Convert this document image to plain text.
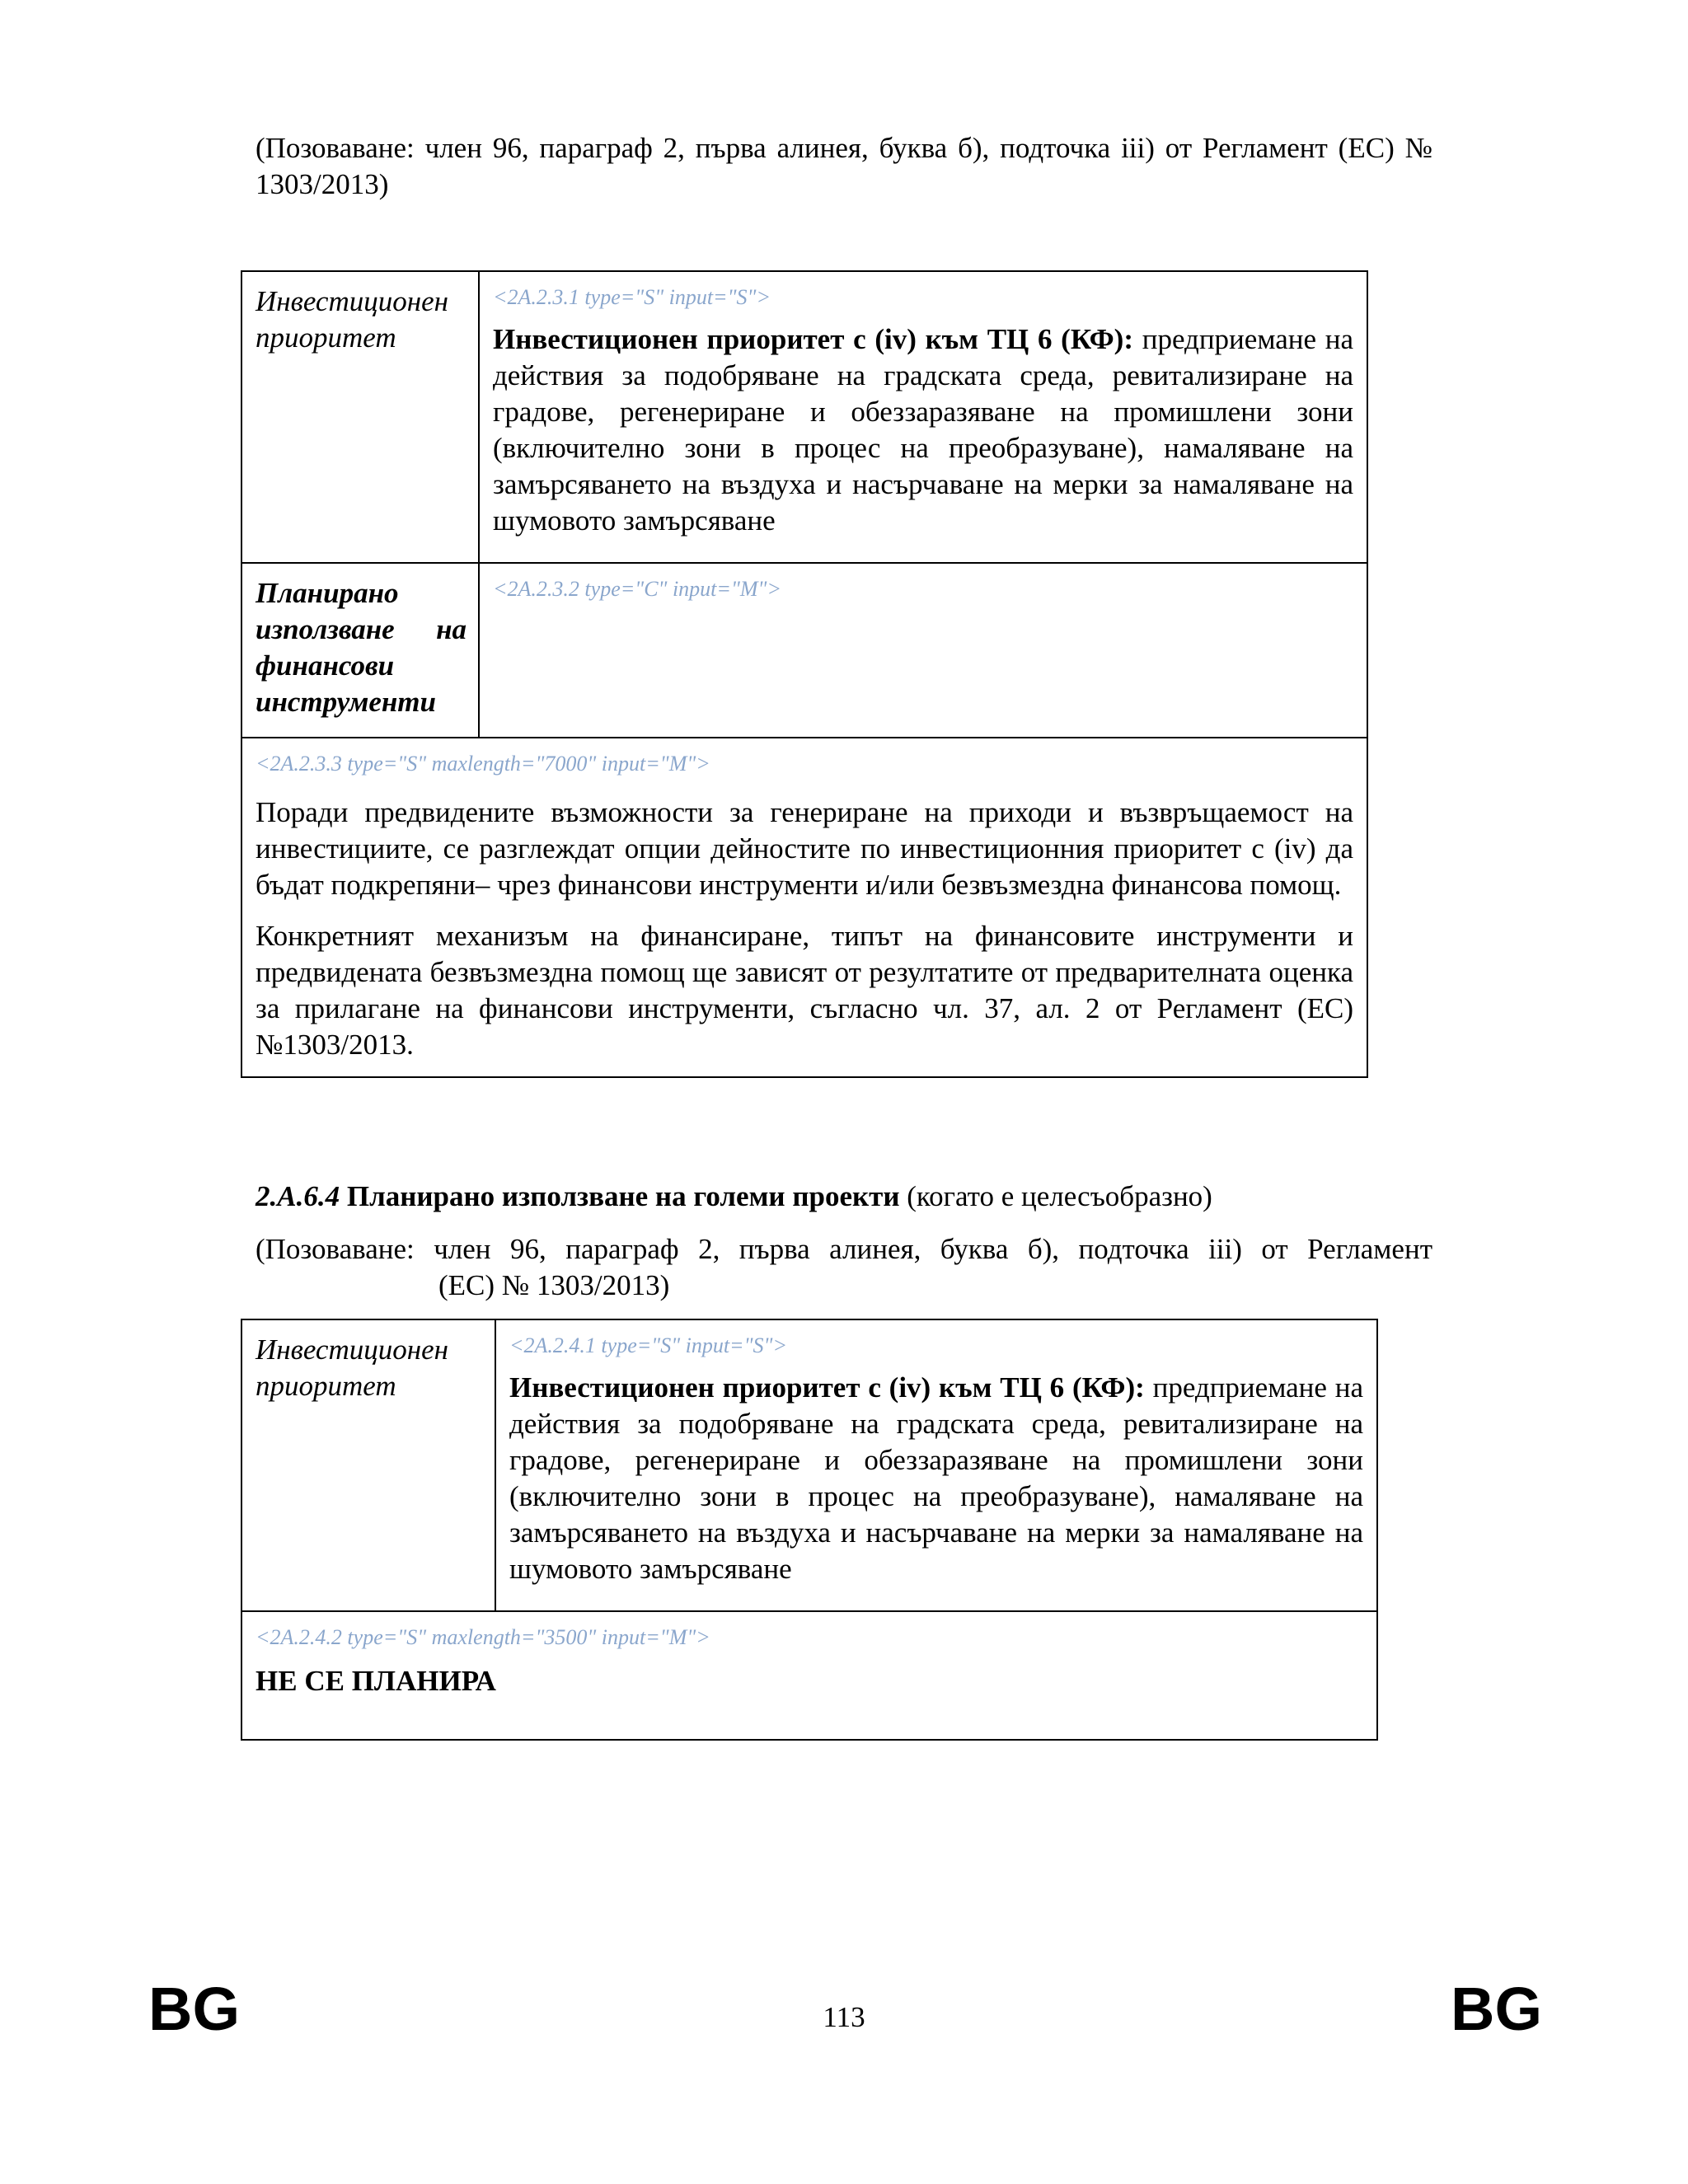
(Позоваване: член 96, параграф 2, първа алинея, буква б), подточка iii) от Регламент (ЕС) № 1303/2013)

Инвестиционен приоритет
<2A.2.3.1 type="S" input="S">
Инвестиционен приоритет с (iv) към ТЦ 6 (КФ): предприемане на действия за подобряване на градската среда, ревитализиране на градове, регенериране и обеззаразяване на промишлени зони (включително зони в процес на преобразуване), намаляване на замърсяването на въздуха и насърчаване на мерки за намаляване на шумовото замърсяване
Планирано използване на финансови инструменти
<2A.2.3.2 type="C" input="M">
<2A.2.3.3 type="S" maxlength="7000" input="M">

Поради предвидените възможности за генериране на приходи и възвръщаемост на инвестициите, се разглеждат опции дейностите по инвестиционния приоритет с (iv) да бъдат подкрепяни– чрез финансови инструменти и/или безвъзмездна финансова помощ.

Конкретният механизъм на финансиране, типът на финансовите инструменти и предвидената безвъзмездна помощ ще зависят от резултатите от предварителната оценка за прилагане на финансови инструменти, съгласно чл. 37, ал. 2 от Регламент (ЕС) №1303/2013.

2.A.6.4 Планирано използване на големи проекти (когато е целесъобразно)
(Позоваване: член 96, параграф 2, първа алинея, буква б), подточка iii) от Регламент
(ЕС) № 1303/2013)
Инвестиционен приоритет
<2A.2.4.1 type="S" input="S">
Инвестиционен приоритет с (iv) към ТЦ 6 (КФ): предприемане на действия за подобряване на градската среда, ревитализиране на градове, регенериране и обеззаразяване на промишлени зони (включително зони в процес на преобразуване), намаляване на замърсяването на въздуха и насърчаване на мерки за намаляване на шумовото замърсяване
<2A.2.4.2 type="S" maxlength="3500" input="M">
НЕ СЕ ПЛАНИРА
BG	113	BG
